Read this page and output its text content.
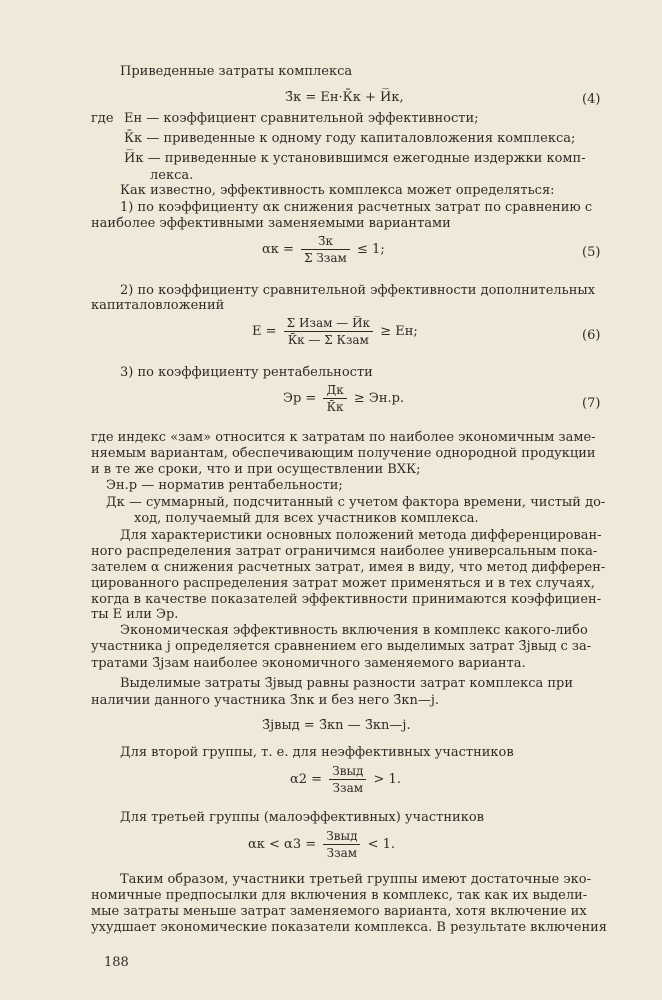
Приведенные затраты комплекса
З̄к = Ен·К̄к + И̅к,	(4)
где Ен — коэффициент сравнительной эффективности;
К̄к — приведенные к одному году капиталовложения комплекса;
И̅к — приведенные к установившимся ежегодные издержки комп-
лекса.
Как известно, эффективность комплекса может определяться:
1) по коэффициенту αк снижения расчетных затрат по сравнению с
наиболее эффективными заменяемыми вариантами
$\alpha к = \frac{З̄к}{\text{Σ Ззам}} \le 1$;	(5)
2) по коэффициенту сравнительной эффективности дополнительных
капиталовложений
$Е = \frac{\text{Σ Изам — И̅к}}{\text{К̄к — Σ Кзам}}$ ≥ Ен;	(6)
3) по коэффициенту рентабельности
Эр = $\frac{Д̄к}{К̄к} \ge Эн.р$.	(7)
где индекс «зам» относится к затратам по наиболее экономичным заме-
няемым вариантам, обеспечивающим получение однородной продукции
и в те же сроки, что и при осуществлении ВХК;
Эн.р — норматив рентабельности;
Дк — суммарный, подсчитанный с учетом фактора времени, чистый до-
ход, получаемый для всех участников комплекса.
Для характеристики основных положений метода дифференцирован-
ного распределения затрат ограничимся наиболее универсальным пока-
зателем α снижения расчетных затрат, имея в виду, что метод дифферен-
цированного распределения затрат может применяться и в тех случаях,
когда в качестве показателей эффективности принимаются коэффициен-
ты Е или Эр.
Экономическая эффективность включения в комплекс какого-либо
участника j определяется сравнением его выделимых затрат З̄jвыд с за-
тратами З̄jзам наиболее экономичного заменяемого варианта.
Выделимые затраты З̄jвыд равны разности затрат комплекса при
наличии данного участника З̄nк и без него З̄кn—j.
З̄jвыд = З̄кn — З̄кn—j.
Для второй группы, т. е. для неэффективных участников
$\alpha 2 = \frac{\text{Звыд}}{\text{Ззам}} > 1$.
Для третьей группы (малоэффективных) участников
$\alpha к < \alpha 3 = \frac{\text{Звыд}}{\text{Ззам}} < 1$.
Таким образом, участники третьей группы имеют достаточные эко-
номичные предпосылки для включения в комплекс, так как их выдели-
мые затраты меньше затрат заменяемого варианта, хотя включение их
ухудшает экономические показатели комплекса. В результате включения
188
